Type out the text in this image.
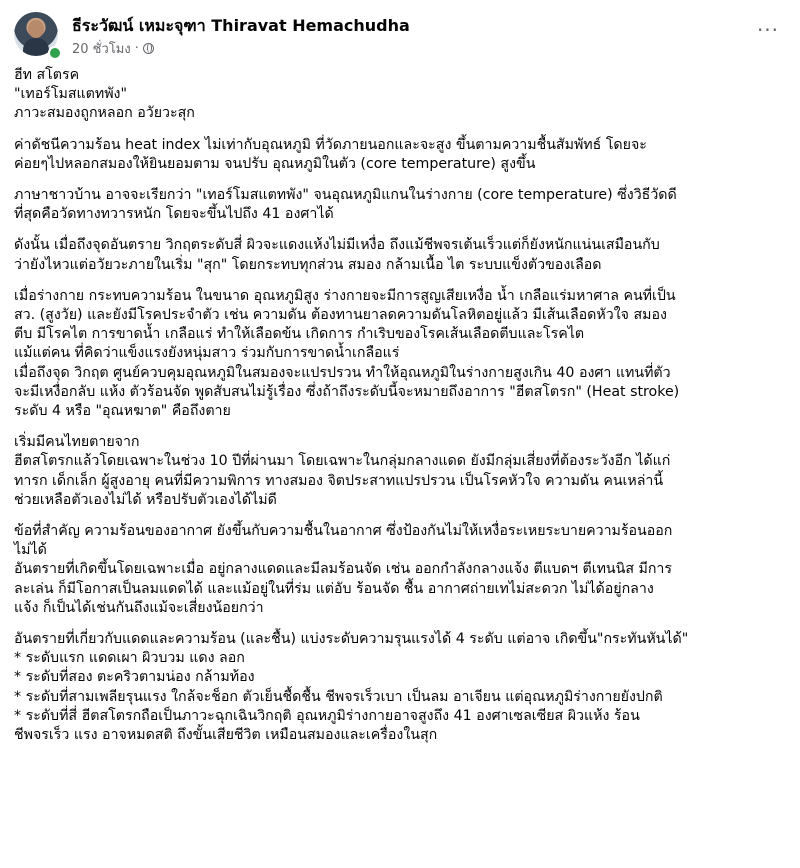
ธีระวัฒน์ เหมะจุฑา Thiravat Hemachudha
20 ชั่วโมง ·
···
ฮีท สโตรค
"เทอร์โมสแตทพัง"
ภาวะสมองถูกหลอก อวัยวะสุก
ค่าดัชนีความร้อน heat index ไม่เท่ากับอุณหภูมิ ที่วัดภายนอกและจะสูง ขึ้นตามความชื้นสัมพัทธ์ โดยจะ
ค่อยๆไปหลอกสมองให้ยินยอมตาม จนปรับ อุณหภูมิในตัว (core temperature) สูงขึ้น
ภาษาชาวบ้าน อาจจะเรียกว่า "เทอร์โมสแตทพัง" จนอุณหภูมิแกนในร่างกาย (core temperature) ซึ่งวิธีวัดดี
ที่สุดคือวัดทางทวารหนัก โดยจะขึ้นไปถึง 41 องศาได้
ดังนั้น เมื่อถึงจุดอันตราย วิกฤตระดับสี่ ผิวจะแดงแห้งไม่มีเหงื่อ ถึงแม้ชีพจรเต้นเร็วแต่ก็ยังหนักแน่นเสมือนกับ
ว่ายังไหวแต่อวัยวะภายในเริ่ม "สุก" โดยกระทบทุกส่วน สมอง กล้ามเนื้อ ไต ระบบแข็งตัวของเลือด
เมื่อร่างกาย กระทบความร้อน ในขนาด อุณหภูมิสูง ร่างกายจะมีการสูญเสียเหงื่อ น้ำ เกลือแร่มหาศาล คนที่เป็น
สว. (สูงวัย) และยังมีโรคประจำตัว เช่น ความดัน ต้องทานยาลดความดันโลหิตอยู่แล้ว มีเส้นเลือดหัวใจ สมอง
ตีบ มีโรคไต การขาดน้ำ เกลือแร่ ทำให้เลือดข้น เกิดการ กำเริบของโรคเส้นเลือดตีบและโรคไต
แม้แต่คน ที่คิดว่าแข็งแรงยังหนุ่มสาว ร่วมกับการขาดน้ำเกลือแร่
เมื่อถึงจุด วิกฤต ศูนย์ควบคุมอุณหภูมิในสมองจะแปรปรวน ทำให้อุณหภูมิในร่างกายสูงเกิน 40 องศา แทนที่ตัว
จะมีเหงื่อกลับ แห้ง ตัวร้อนจัด พูดสับสนไม่รู้เรื่อง ซึ่งถ้าถึงระดับนี้จะหมายถึงอาการ "ฮีตสโตรก" (Heat stroke)
ระดับ 4 หรือ "อุณหฆาต" คือถึงตาย
เริ่มมีคนไทยตายจาก
ฮีตสโตรกแล้วโดยเฉพาะในช่วง 10 ปีที่ผ่านมา โดยเฉพาะในกลุ่มกลางแดด ยังมีกลุ่มเสี่ยงที่ต้องระวังอีก ได้แก่
ทารก เด็กเล็ก ผู้สูงอายุ คนที่มีความพิการ ทางสมอง จิตประสาทแปรปรวน เป็นโรคหัวใจ ความดัน คนเหล่านี้
ช่วยเหลือตัวเองไม่ได้ หรือปรับตัวเองได้ไม่ดี
ข้อที่สำคัญ ความร้อนของอากาศ ยังขึ้นกับความชื้นในอากาศ ซึ่งป้องกันไม่ให้เหงื่อระเหยระบายความร้อนออก
ไม่ได้
อันตรายที่เกิดขึ้นโดยเฉพาะเมื่อ อยู่กลางแดดและมีลมร้อนจัด เช่น ออกกำลังกลางแจ้ง ตีแบดฯ ตีเทนนิส มีการ
ละเล่น ก็มีโอกาสเป็นลมแดดได้ และแม้อยู่ในที่ร่ม แต่อับ ร้อนจัด ชื้น อากาศถ่ายเทไม่สะดวก ไม่ได้อยู่กลาง
แจ้ง ก็เป็นได้เช่นกันถึงแม้จะเสี่ยงน้อยกว่า
อันตรายที่เกี่ยวกับแดดและความร้อน (และชื้น) แบ่งระดับความรุนแรงได้ 4 ระดับ แต่อาจ เกิดขึ้น"กระทันหันได้"
* ระดับแรก แดดเผา ผิวบวม แดง ลอก
* ระดับที่สอง ตะคริวตามน่อง กล้ามท้อง
* ระดับที่สามเพลียรุนแรง ใกล้จะช็อก ตัวเย็นชื้ดชื้น ชีพจรเร็วเบา เป็นลม อาเจียน แต่อุณหภูมิร่างกายยังปกติ
* ระดับที่สี่ ฮีตสโตรกถือเป็นภาวะฉุกเฉินวิกฤติ อุณหภูมิร่างกายอาจสูงถึง 41 องศาเซลเซียส ผิวแห้ง ร้อน
ชีพจรเร็ว แรง อาจหมดสติ ถึงขั้นเสียชีวิต เหมือนสมองและเครื่องในสุก
